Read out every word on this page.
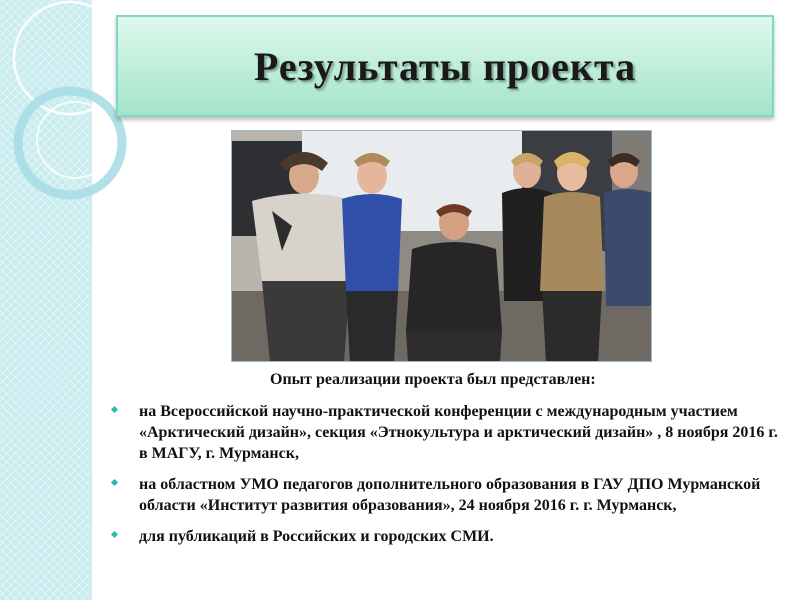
Результаты проекта
Опыт реализации проекта был представлен:
на Всероссийской научно-практической конференции с международным участием «Арктический дизайн», секция «Этнокультура и арктический дизайн» , 8 ноября 2016 г. в МАГУ, г. Мурманск,
на областном УМО педагогов дополнительного образования в ГАУ ДПО Мурманской области «Институт развития образования», 24 ноября 2016 г. г. Мурманск,
для публикаций в Российских и городских СМИ.
